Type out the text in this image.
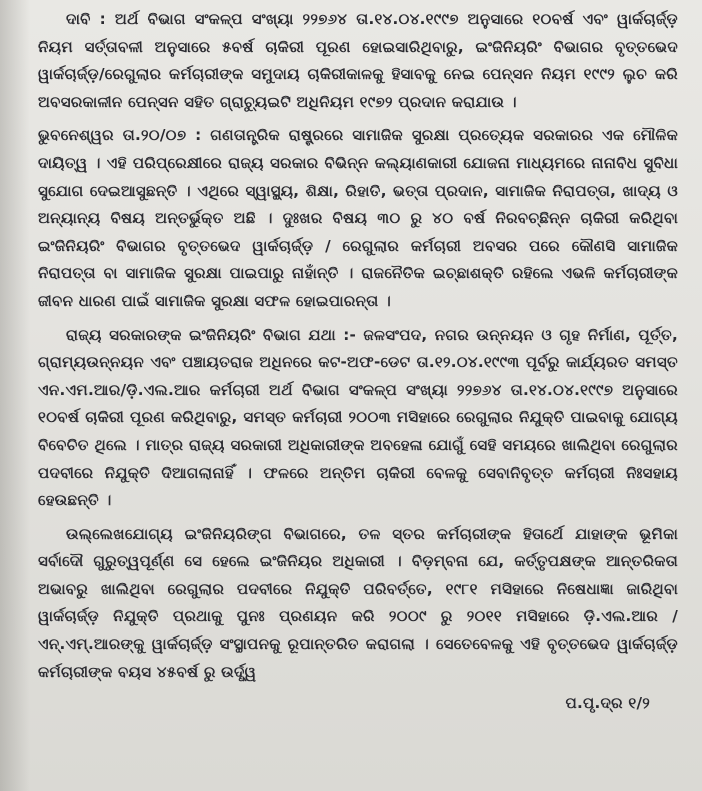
ଦାବି : ଅର୍ଥ ବିଭାଗ ସଂକଳ୍ପ ସଂଖ୍ୟା ୨୨୭୬୪ ତା.୧୪.୦୪.୧୯୯୭ ଅନୁସାରେ ୧୦ବର୍ଷ ଏବଂ ୱାର୍କଚାର୍ଜ୍ଡ଼ ନିୟମ ସର୍ତ୍ତାବଳୀ ଅନୁସାରେ ୫ବର୍ଷ ଚାକିରୀ ପୂରଣ ହୋଇସାରିଥିବାରୁ, ଇଂଜିନିୟରିଂ ବିଭାଗର ବୃତ୍ତଭେଦ ୱାର୍କଚାର୍ଜ୍ଡ଼/ରେଗୁଲାର କର୍ମଚାରୀଙ୍କ ସମୁଦାୟ ଚାକିରୀକାଳକୁ ହିସାବକୁ ନେଇ ପେନ୍‌ସନ ନିୟମ ୧୯୯୨ ଲୁଚ କରି ଅବସରକାଳୀନ ପେନ୍‌ସନ ସହିତ ଗ୍ରାଚ୍ୟୁଇଟି ଅଧିନିୟମ ୧୯୭୨ ପ୍ରଦାନ କରାଯାଉ ।

ଭୁବନେଶ୍ୱର ତା.୨୦/୦୭ : ଗଣତାନ୍ତ୍ରିକ ରାଷ୍ଟ୍ରରେ ସାମାଜିକ ସୁରକ୍ଷା ପ୍ରତ୍ୟେକ ସରକାରର ଏକ ମୌଳିକ ଦାୟିତ୍ୱ । ଏହି ପରିପ୍ରେକ୍ଷୀରେ ରାଜ୍ୟ ସରକାର ବିଭିନ୍ନ କଲ୍ୟାଣକାରୀ ଯୋଜନା ମାଧ୍ୟମରେ ନାନାବିଧ ସୁବିଧା ସୁଯୋଗ ଦେଇଆସୁଛନ୍ତି । ଏଥିରେ ସ୍ୱାସ୍ଥ୍ୟ, ଶିକ୍ଷା, ରିହାତି, ଭତ୍ତା ପ୍ରଦାନ, ସାମାଜିକ ନିରାପତ୍ତା, ଖାଦ୍ୟ ଓ ଅନ୍ୟାନ୍ୟ ବିଷୟ ଅନ୍ତର୍ଭୁକ୍ତ ଅଛି । ଦୁଃଖର ବିଷୟ ୩୦ ରୁ ୪୦ ବର୍ଷ ନିରବଚ୍ଛିନ୍ନ ଚାକିରୀ କରିଥିବା ଇଂଜିନିୟରିଂ ବିଭାଗର ବୃତ୍ତଭେଦ ୱାର୍କଚାର୍ଜ୍ଡ଼ / ରେଗୁଲାର କର୍ମଚାରୀ ଅବସର ପରେ କୌଣସି ସାମାଜିକ ନିରାପତ୍ତା ବା ସାମାଜିକ ସୁରକ୍ଷା ପାଇପାରୁ ନାହାଁନ୍ତି । ରାଜନୈତିକ ଇଚ୍ଛାଶକ୍ତି ରହିଲେ ଏଭଳି କର୍ମଚାରୀଙ୍କ ଜୀବନ ଧାରଣ ପାଇଁ ସାମାଜିକ ସୁରକ୍ଷା ସଫଳ ହୋଇପାରନ୍ତା ।

ରାଜ୍ୟ ସରକାରଙ୍କ ଇଂଜିନିୟରିଂ ବିଭାଗ ଯଥା :- ଜଳସଂପଦ, ନଗର ଉନ୍ନୟନ ଓ ଗୃହ ନିର୍ମାଣ, ପୂର୍ତ୍ତ, ଗ୍ରାମ୍ୟଉନ୍ନୟନ ଏବଂ ପଞ୍ଚାୟତରାଜ ଅଧିନରେ କଟ-ଅଫ-ଡେଟ ତା.୧୨.୦୪.୧୯୯୩ ପୂର୍ବରୁ କାର୍ଯ୍ୟରତ ସମସ୍ତ ଏନ.ଏମ.ଆର/ଡ଼ି.ଏଲ.ଆର କର୍ମଚାରୀ ଅର୍ଥ ବିଭାଗ ସଂକଳ୍ପ ସଂଖ୍ୟା ୨୨୭୬୪ ତା.୧୪.୦୪.୧୯୯୭ ଅନୁସାରେ ୧୦ବର୍ଷ ଚାକିରୀ ପୂରଣ କରିଥିବାରୁ, ସମସ୍ତ କର୍ମଚାରୀ ୨୦୦୩ ମସିହାରେ ରେଗୁଲାର ନିଯୁକ୍ତି ପାଇବାକୁ ଯୋଗ୍ୟ ବିବେଚିତ ଥିଲେ । ମାତ୍ର ରାଜ୍ୟ ସରକାରୀ ଅଧିକାରୀଙ୍କ ଅବହେଳା ଯୋଗୁଁ ସେହି ସମୟରେ ଖାଲିଥିବା ରେଗୁଲାର ପଦବୀରେ ନିଯୁକ୍ତି ଦିଆଗଲାନାହିଁ । ଫଳରେ ଅନ୍ତିମ ଚାକିରୀ ବେଳକୁ ସେବାନିବୃତ୍ତ କର୍ମଚାରୀ ନିଃସହାୟ ହେଉଛନ୍ତି ।

ଉଲ୍ଲେଖଯୋଗ୍ୟ ଇଂଜିନିୟରିଙ୍ଗ ବିଭାଗରେ, ତଳ ସ୍ତର କର୍ମଚାରୀଙ୍କ ହିତାର୍ଥେ ଯାହାଙ୍କ ଭୂମିକା ସର୍ବାଦୌ ଗୁରୁତ୍ୱପୂର୍ଣ୍ଣ ସେ ହେଲେ ଇଂଜିନିୟର ଅଧିକାରୀ । ବିଡ଼ମ୍ବନା ଯେ, କର୍ତ୍ତୃପକ୍ଷଙ୍କ ଆନ୍ତରିକତା ଅଭାବରୁ ଖାଲିଥିବା ରେଗୁଲାର ପଦବୀରେ ନିଯୁକ୍ତି ପରିବର୍ତ୍ତେ, ୧୯୮୧ ମସିହାରେ ନିଷେଧାଜ୍ଞା ଜାରିଥିବା ୱାର୍କଚାର୍ଜ୍ଡ଼ ନିଯୁକ୍ତି ପ୍ରଥାକୁ ପୁନଃ ପ୍ରଣୟନ କରି ୨୦୦୯ ରୁ ୨୦୧୧ ମସିହାରେ ଡ଼ି.ଏଲ.ଆର / ଏନ୍.ଏମ୍.ଆରଙ୍କୁ ୱାର୍କଚାର୍ଜ୍ଡ଼ ସଂସ୍ଥାପନକୁ ରୂପାନ୍ତରିତ କରାଗଲା । ସେତେବେଳକୁ ଏହି ବୃତ୍ତଭେଦ ୱାର୍କଚାର୍ଜ୍ଡ଼ କର୍ମଚାରୀଙ୍କ ବୟସ ୪୫ବର୍ଷ ରୁ ଉର୍ଦ୍ଧ୍ୱ

ପ.ପୃ.ଦ୍ର ୧/୨
